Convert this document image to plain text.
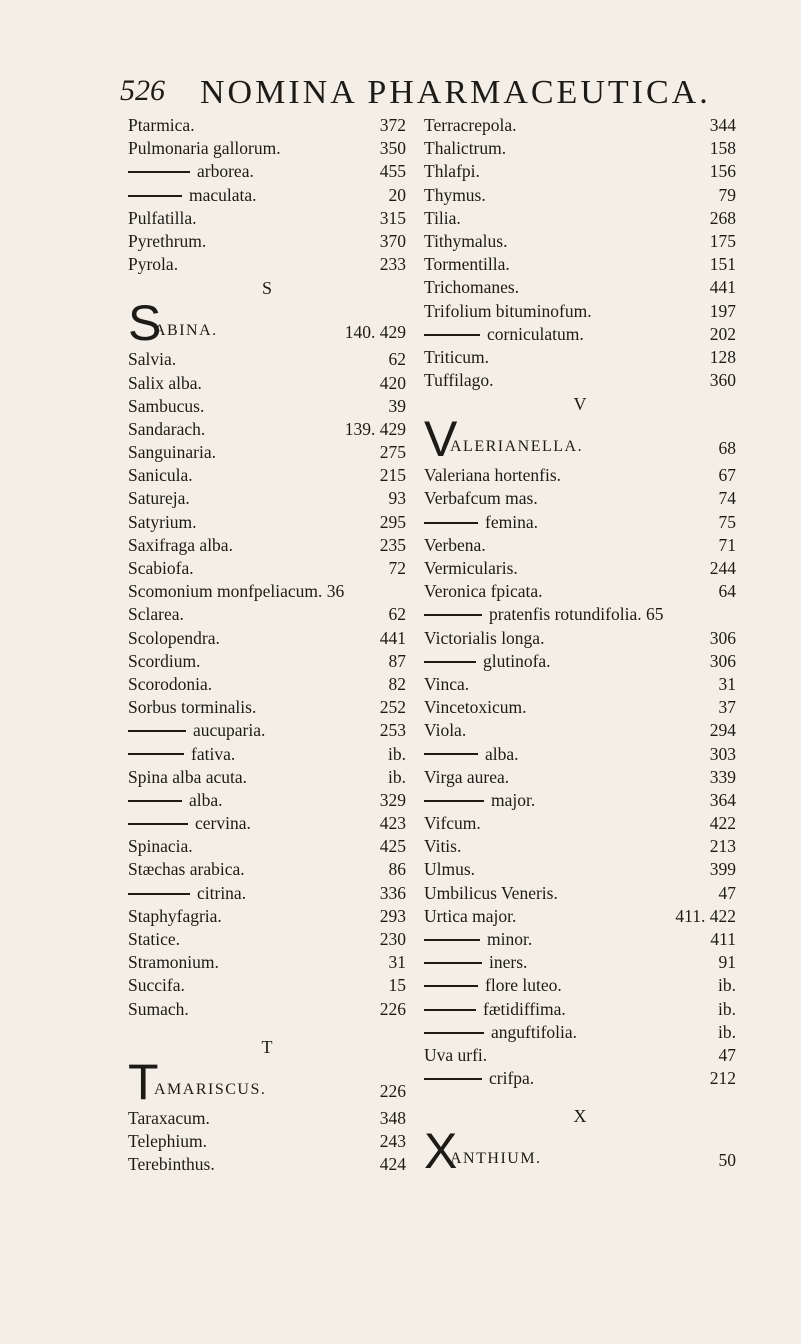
526 NOMINA PHARMACEUTICA.
Ptarmica.	372
Pulmonaria gallorum.	350
arborea.	455
maculata.	20
Pulfatilla.	315
Pyrethrum.	370
Pyrola.	233
S
S
ABINA.	140. 429
Salvia.	62
Salix alba.	420
Sambucus.	39
Sandarach.	139. 429
Sanguinaria.	275
Sanicula.	215
Satureja.	93
Satyrium.	295
Saxifraga alba.	235
Scabiofa.	72
Scomonium monfpeliacum. 36
Sclarea.	62
Scolopendra.	441
Scordium.	87
Scorodonia.	82
Sorbus torminalis.	252
aucuparia.	253
fativa.	ib.
Spina alba acuta.	ib.
alba.	329
cervina.	423
Spinacia.	425
Stæchas arabica.	86
citrina.	336
Staphyfagria.	293
Statice.	230
Stramonium.	31
Succifa.	15
Sumach.	226
T
T
AMARISCUS.	226
Taraxacum.	348
Telephium.	243
Terebinthus.	424
Terracrepola.	344
Thalictrum.	158
Thlafpi.	156
Thymus.	79
Tilia.	268
Tithymalus.	175
Tormentilla.	151
Trichomanes.	441
Trifolium bituminofum.	197
corniculatum.	202
Triticum.	128
Tuffilago.	360
V
V
ALERIANELLA.	68
Valeriana hortenfis.	67
Verbafcum mas.	74
femina.	75
Verbena.	71
Vermicularis.	244
Veronica fpicata.	64
pratenfis rotundifolia. 65
Victorialis longa.	306
glutinofa.	306
Vinca.	31
Vincetoxicum.	37
Viola.	294
alba.	303
Virga aurea.	339
major.	364
Vifcum.	422
Vitis.	213
Ulmus.	399
Umbilicus Veneris.	47
Urtica major.	411. 422
minor.	411
iners.	91
flore luteo.	ib.
fætidiffima.	ib.
anguftifolia.	ib.
Uva urfi.	47
crifpa.	212
X
X
ANTHIUM.	50
